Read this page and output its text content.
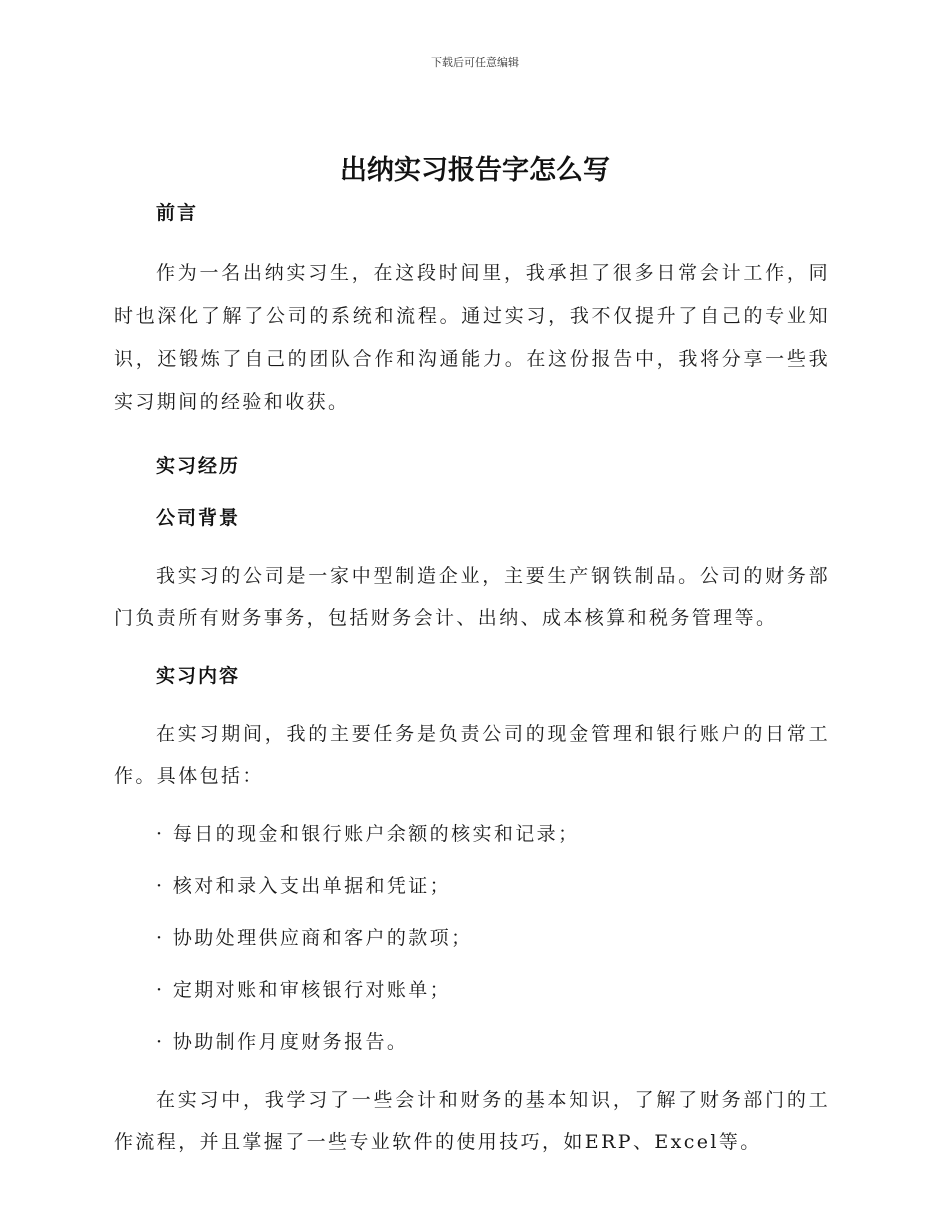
下载后可任意编辑
出纳实习报告字怎么写
前言

作为一名出纳实习生，在这段时间里，我承担了很多日常会计工作，同时也深化了解了公司的系统和流程。通过实习，我不仅提升了自己的专业知识，还锻炼了自己的团队合作和沟通能力。在这份报告中，我将分享一些我实习期间的经验和收获。

实习经历
公司背景

我实习的公司是一家中型制造企业，主要生产钢铁制品。公司的财务部门负责所有财务事务，包括财务会计、出纳、成本核算和税务管理等。

实习内容

在实习期间，我的主要任务是负责公司的现金管理和银行账户的日常工作。具体包括：

· 每日的现金和银行账户余额的核实和记录；
· 核对和录入支出单据和凭证；
· 协助处理供应商和客户的款项；
· 定期对账和审核银行对账单；
· 协助制作月度财务报告。

在实习中，我学习了一些会计和财务的基本知识，了解了财务部门的工作流程，并且掌握了一些专业软件的使用技巧，如ERP、Excel等。
